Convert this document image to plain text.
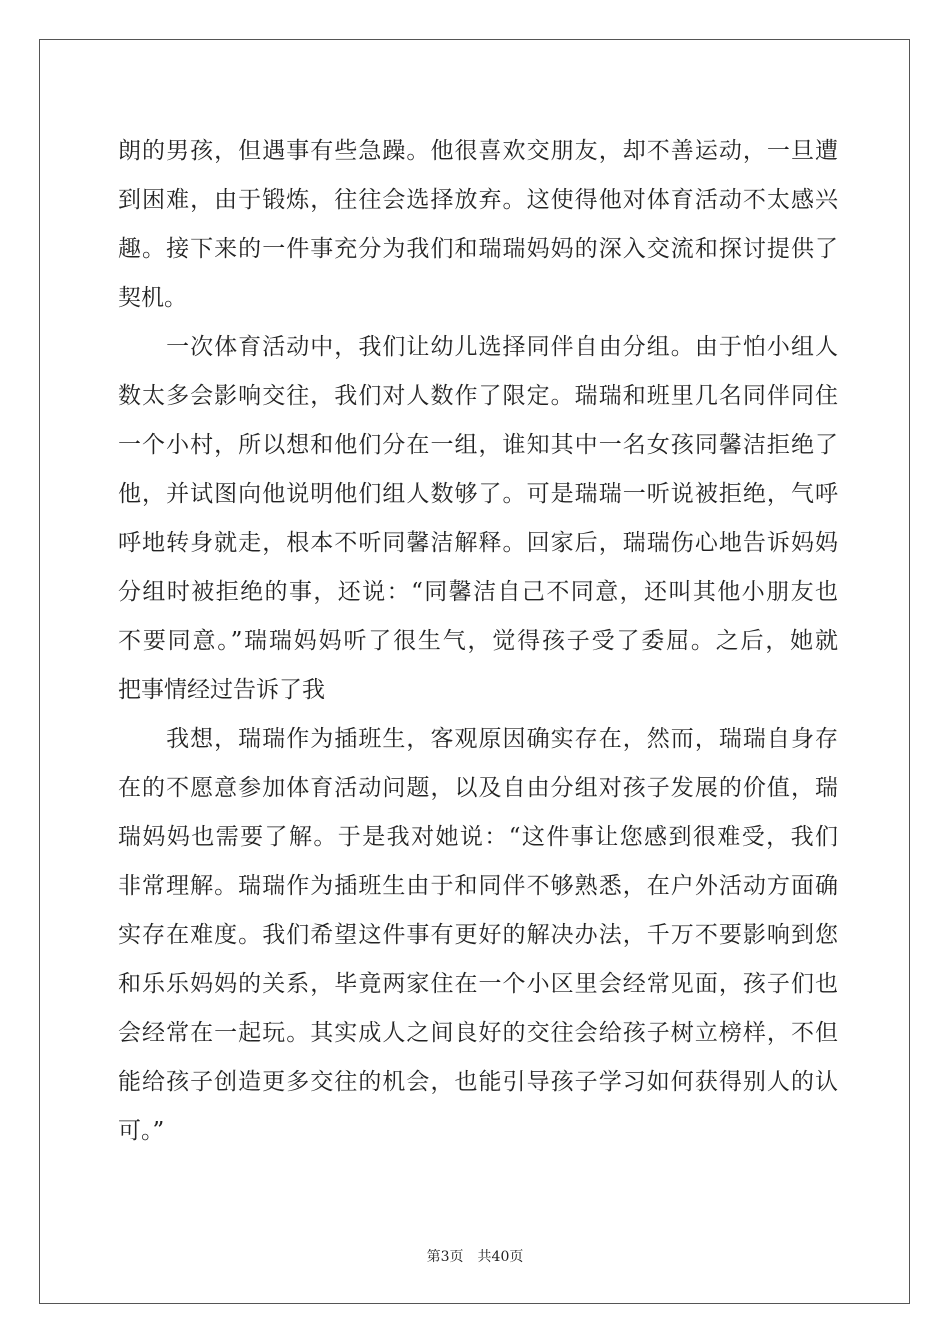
朗的男孩，但遇事有些急躁。他很喜欢交朋友，却不善运动，一旦遭
到困难，由于锻炼，往往会选择放弃。这使得他对体育活动不太感兴
趣。接下来的一件事充分为我们和瑞瑞妈妈的深入交流和探讨提供了
契机。
　　一次体育活动中，我们让幼儿选择同伴自由分组。由于怕小组人
数太多会影响交往，我们对人数作了限定。瑞瑞和班里几名同伴同住
一个小村，所以想和他们分在一组，谁知其中一名女孩同馨洁拒绝了
他，并试图向他说明他们组人数够了。可是瑞瑞一听说被拒绝，气呼
呼地转身就走，根本不听同馨洁解释。回家后，瑞瑞伤心地告诉妈妈
分组时被拒绝的事，还说：“同馨洁自己不同意，还叫其他小朋友也
不要同意。”瑞瑞妈妈听了很生气，觉得孩子受了委屈。之后，她就
把事情经过告诉了我
　　我想，瑞瑞作为插班生，客观原因确实存在，然而，瑞瑞自身存
在的不愿意参加体育活动问题，以及自由分组对孩子发展的价值，瑞
瑞妈妈也需要了解。于是我对她说：“这件事让您感到很难受，我们
非常理解。瑞瑞作为插班生由于和同伴不够熟悉，在户外活动方面确
实存在难度。我们希望这件事有更好的解决办法，千万不要影响到您
和乐乐妈妈的关系，毕竟两家住在一个小区里会经常见面，孩子们也
会经常在一起玩。其实成人之间良好的交往会给孩子树立榜样，不但
能给孩子创造更多交往的机会，也能引导孩子学习如何获得别人的认
可。”
第3页 共40页
